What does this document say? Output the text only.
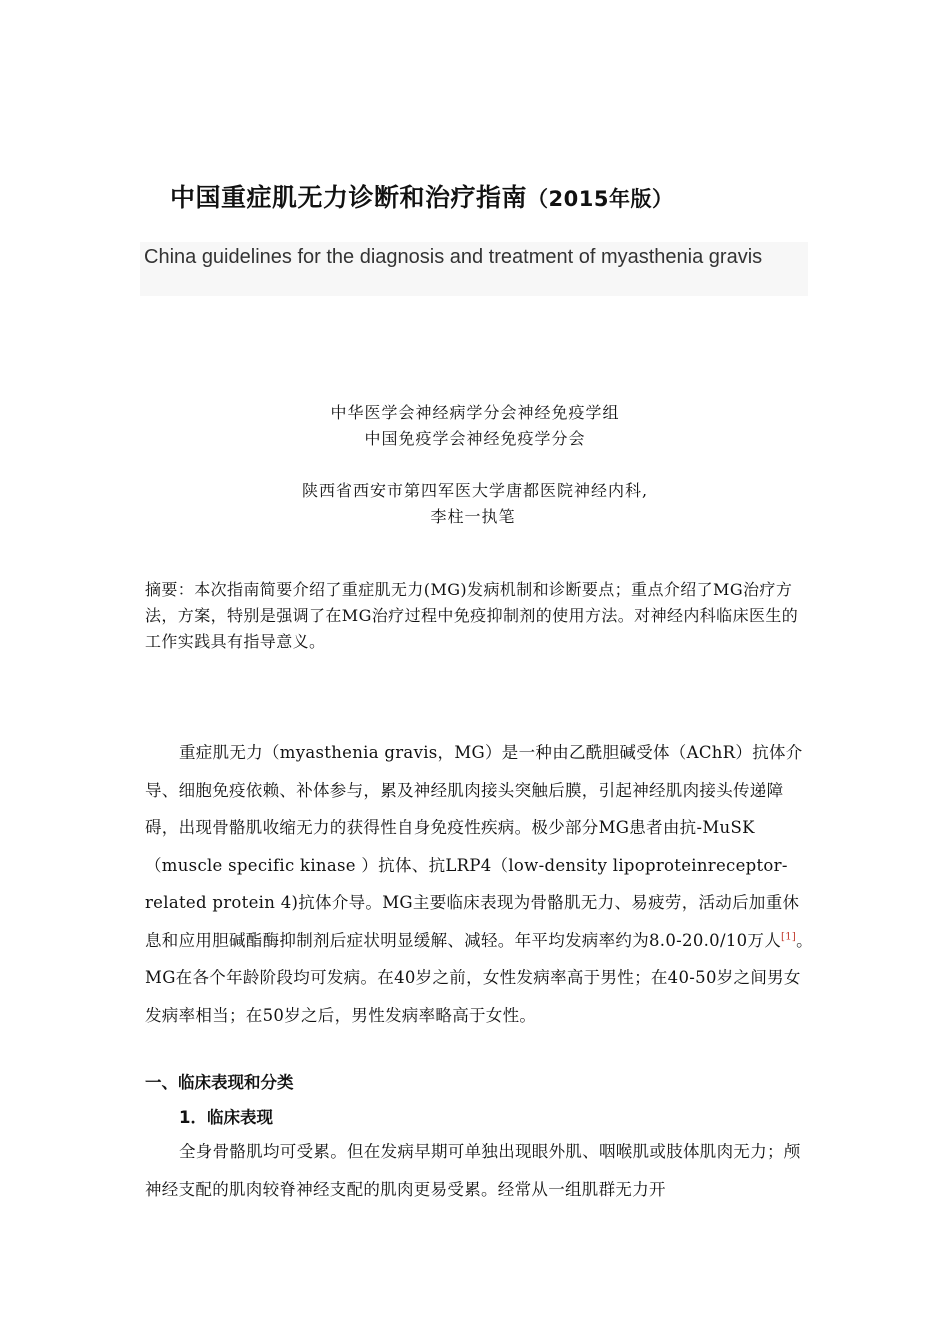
中国重症肌无力诊断和治疗指南（2015年版）
China guidelines for the diagnosis and treatment of myasthenia gravis
中华医学会神经病学分会神经免疫学组
中国免疫学会神经免疫学分会
陕西省西安市第四军医大学唐都医院神经内科,
李柱一执笔
摘要：本次指南简要介绍了重症肌无力(MG)发病机制和诊断要点；重点介绍了MG治疗方法，方案，特别是强调了在MG治疗过程中免疫抑制剂的使用方法。对神经内科临床医生的工作实践具有指导意义。
重症肌无力（myasthenia gravis，MG）是一种由乙酰胆碱受体（AChR）抗体介导、细胞免疫依赖、补体参与，累及神经肌肉接头突触后膜，引起神经肌肉接头传递障碍，出现骨骼肌收缩无力的获得性自身免疫性疾病。极少部分MG患者由抗-MuSK（muscle specific kinase ）抗体、抗LRP4（low-density lipoproteinreceptor-related protein 4)抗体介导。MG主要临床表现为骨骼肌无力、易疲劳，活动后加重休息和应用胆碱酯酶抑制剂后症状明显缓解、减轻。年平均发病率约为8.0-20.0/10万人[1]。MG在各个年龄阶段均可发病。在40岁之前，女性发病率高于男性；在40-50岁之间男女发病率相当；在50岁之后，男性发病率略高于女性。
一、临床表现和分类
1．临床表现
全身骨骼肌均可受累。但在发病早期可单独出现眼外肌、咽喉肌或肢体肌肉无力；颅神经支配的肌肉较脊神经支配的肌肉更易受累。经常从一组肌群无力开
